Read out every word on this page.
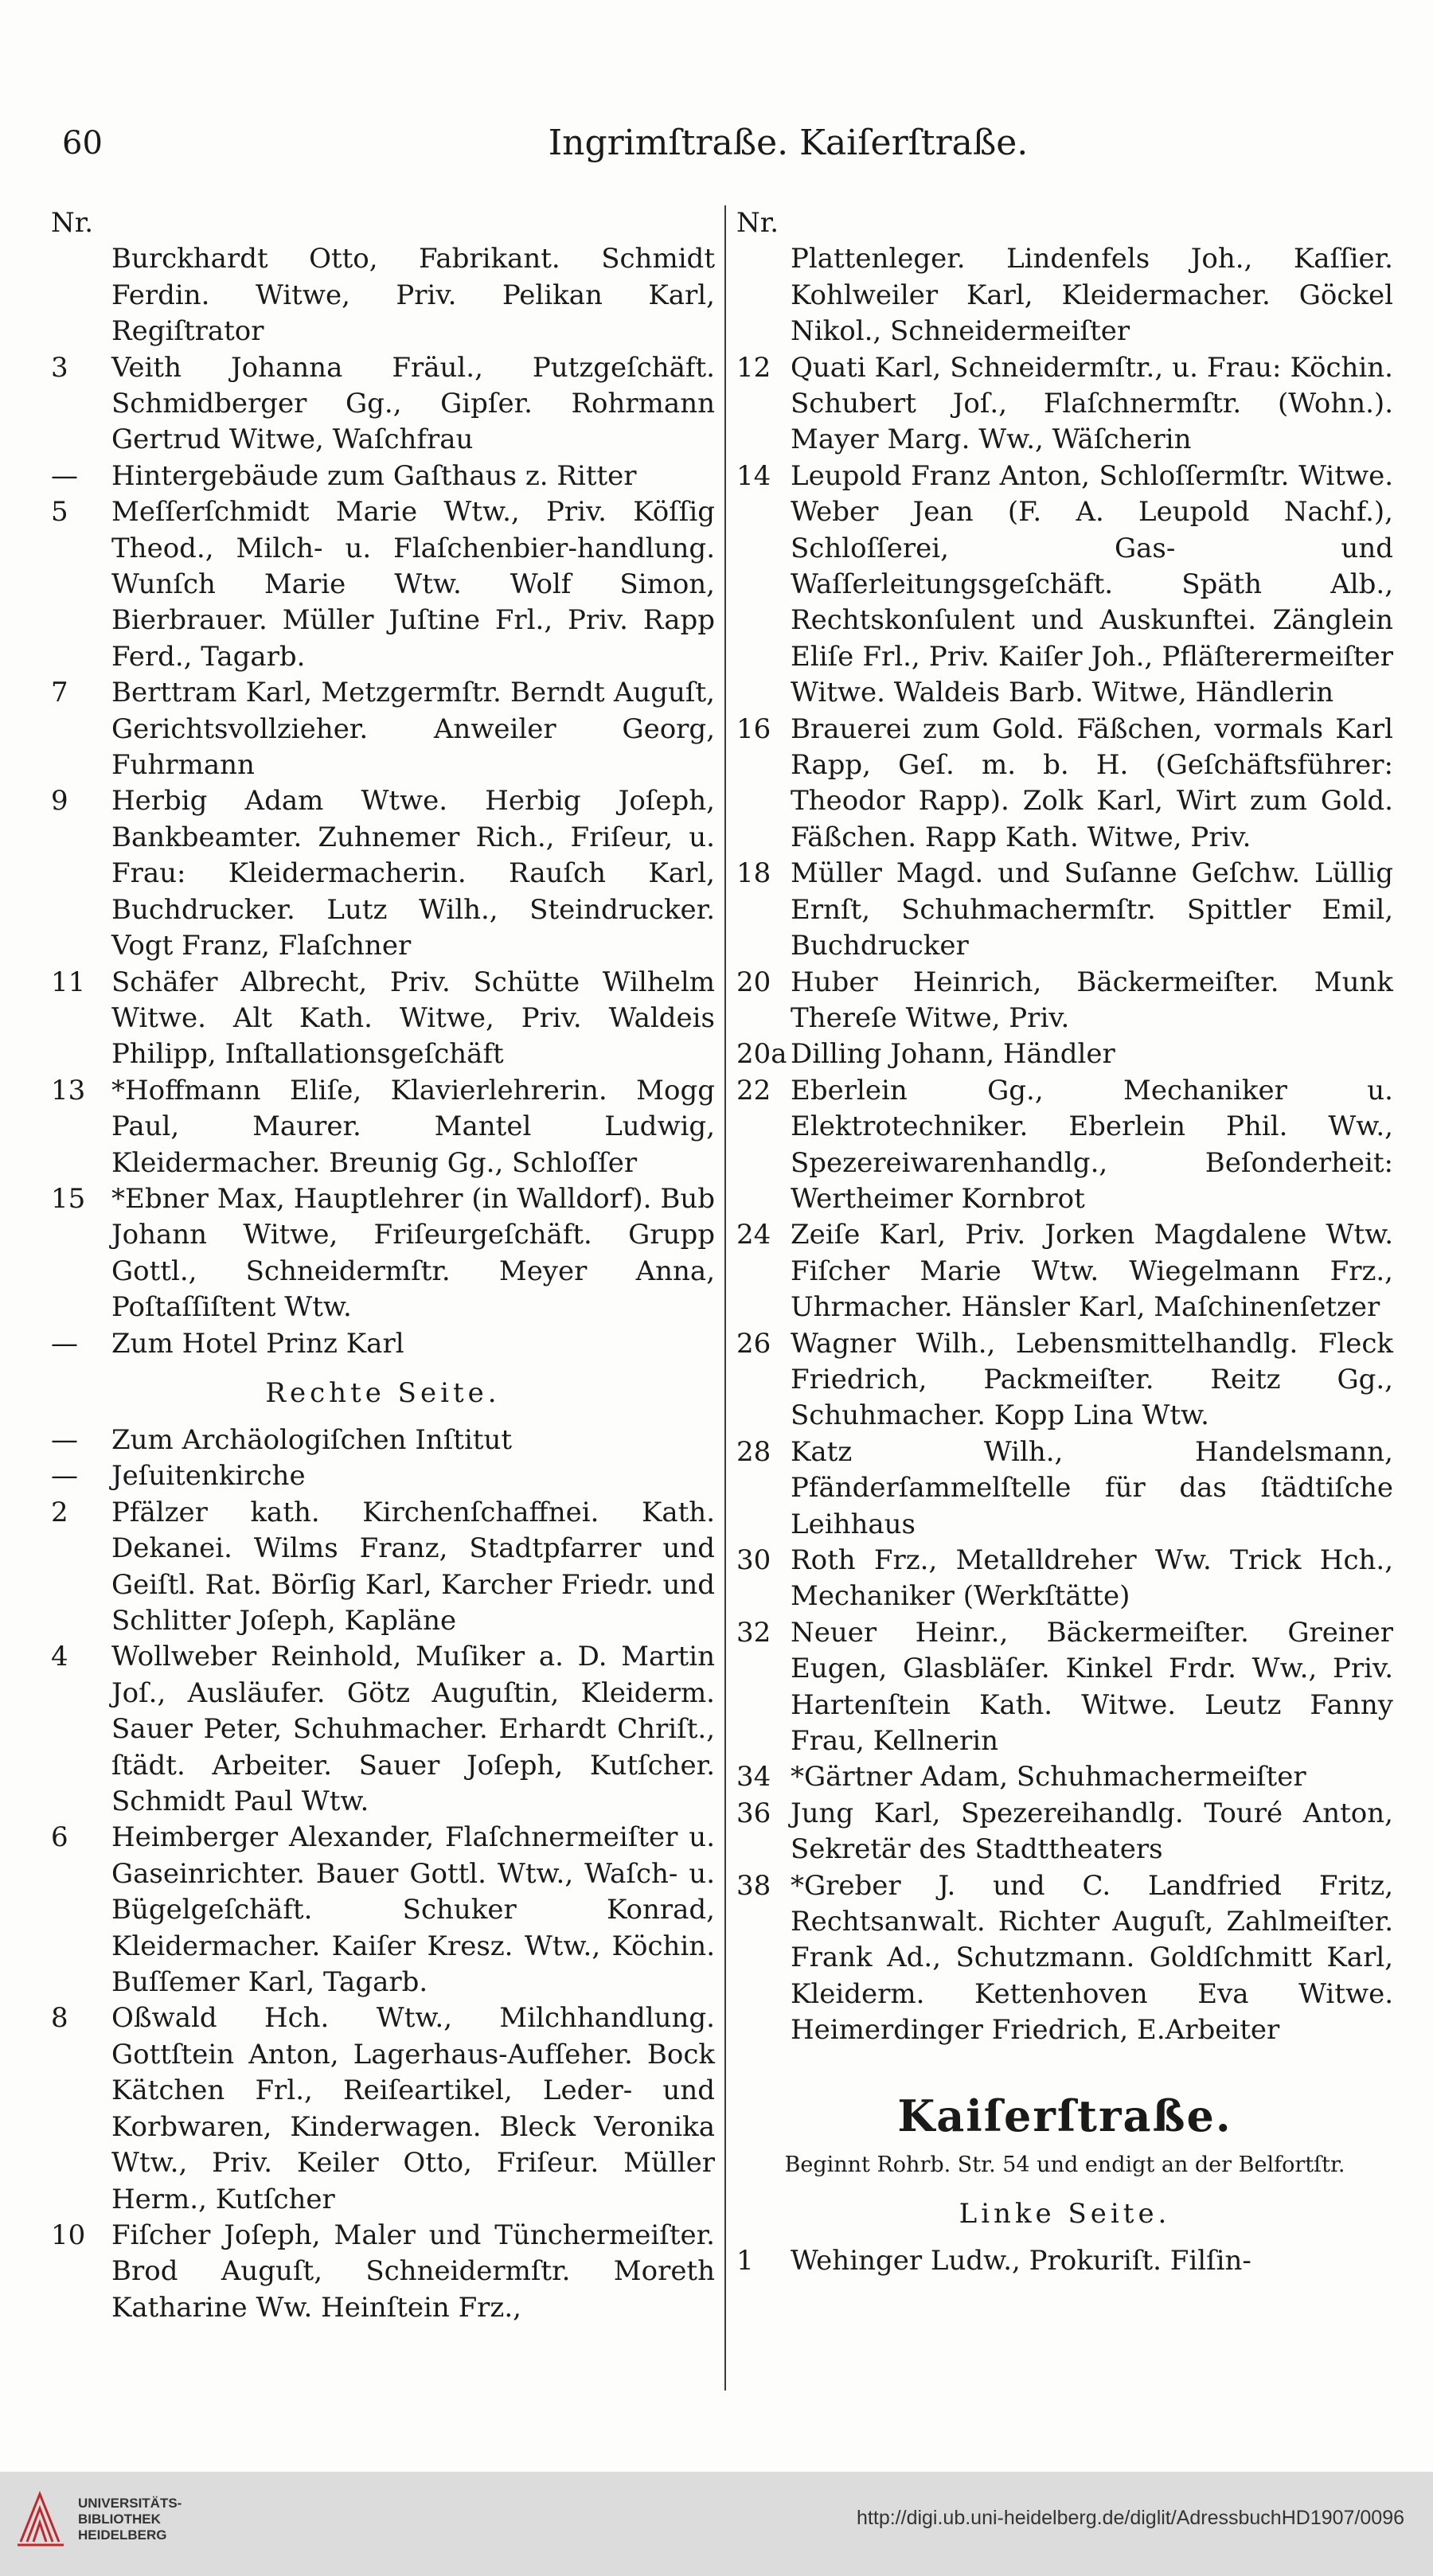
60	Ingrimſtraße. Kaiſerſtraße.
Nr.
Burckhardt Otto, Fabrikant. Schmidt Ferdin. Witwe, Priv. Pelikan Karl, Regiſtrator
3	Veith Johanna Fräul., Putzgeſchäft. Schmidberger Gg., Gipſer. Rohrmann Gertrud Witwe, Waſchfrau
—	Hintergebäude zum Gaſthaus z. Ritter
5	Meſſerſchmidt Marie Wtw., Priv. Köſſig Theod., Milch- u. Flaſchenbier-handlung. Wunſch Marie Wtw. Wolf Simon, Bierbrauer. Müller Juſtine Frl., Priv. Rapp Ferd., Tagarb.
7	Berttram Karl, Metzgermſtr. Berndt Auguſt, Gerichtsvollzieher. Anweiler Georg, Fuhrmann
9	Herbig Adam Wtwe. Herbig Joſeph, Bankbeamter. Zuhnemer Rich., Friſeur, u. Frau: Kleidermacherin. Rauſch Karl, Buchdrucker. Lutz Wilh., Steindrucker. Vogt Franz, Flaſchner
11 Schäfer Albrecht, Priv. Schütte Wilhelm Witwe. Alt Kath. Witwe, Priv. Waldeis Philipp, Inſtallationsgeſchäft
13 *Hoffmann Eliſe, Klavierlehrerin. Mogg Paul, Maurer. Mantel Ludwig, Kleidermacher. Breunig Gg., Schloſſer
15 *Ebner Max, Hauptlehrer (in Walldorf). Bub Johann Witwe, Friſeurgeſchäft. Grupp Gottl., Schneidermſtr. Meyer Anna, Poſtaſſiſtent Wtw.
—	Zum Hotel Prinz Karl
Rechte Seite.
—	Zum Archäologiſchen Inſtitut
—	Jeſuitenkirche
2	Pfälzer kath. Kirchenſchaffnei. Kath. Dekanei. Wilms Franz, Stadtpfarrer und Geiſtl. Rat. Börſig Karl, Karcher Friedr. und Schlitter Joſeph, Kapläne
4	Wollweber Reinhold, Muſiker a. D. Martin Joſ., Ausläufer. Götz Auguſtin, Kleiderm. Sauer Peter, Schuhmacher. Erhardt Chriſt., ſtädt. Arbeiter. Sauer Joſeph, Kutſcher. Schmidt Paul Wtw.
6	Heimberger Alexander, Flaſchnermeiſter u. Gaseinrichter. Bauer Gottl. Wtw., Waſch- u. Bügelgeſchäft. Schuker Konrad, Kleidermacher. Kaiſer Kresz. Wtw., Köchin. Buſſemer Karl, Tagarb.
8	Oßwald Hch. Wtw., Milchhandlung. Gottſtein Anton, Lagerhaus-Aufſeher. Bock Kätchen Frl., Reiſeartikel, Leder- und Korbwaren, Kinderwagen. Bleck Veronika Wtw., Priv. Keiler Otto, Friſeur. Müller Herm., Kutſcher
10 Fiſcher Joſeph, Maler und Tünchermeiſter. Brod Auguſt, Schneidermſtr. Moreth Katharine Ww. Heinſtein Frz.,
Nr.
Plattenleger. Lindenfels Joh., Kaſſier. Kohlweiler Karl, Kleidermacher. Göckel Nikol., Schneidermeiſter
12 Quati Karl, Schneidermſtr., u. Frau: Köchin. Schubert Joſ., Flaſchnermſtr. (Wohn.). Mayer Marg. Ww., Wäſcherin
14 Leupold Franz Anton, Schloſſermſtr. Witwe. Weber Jean (F. A. Leupold Nachf.), Schloſſerei, Gas- und Waſſerleitungsgeſchäft. Späth Alb., Rechtskonſulent und Auskunftei. Zänglein Eliſe Frl., Priv. Kaiſer Joh., Pfläſterermeiſter Witwe. Waldeis Barb. Witwe, Händlerin
16 Brauerei zum Gold. Fäßchen, vormals Karl Rapp, Geſ. m. b. H. (Geſchäftsführer: Theodor Rapp). Zolk Karl, Wirt zum Gold. Fäßchen. Rapp Kath. Witwe, Priv.
18 Müller Magd. und Suſanne Geſchw. Lüllig Ernſt, Schuhmachermſtr. Spittler Emil, Buchdrucker
20 Huber Heinrich, Bäckermeiſter. Munk Thereſe Witwe, Priv.
20a Dilling Johann, Händler
22 Eberlein Gg., Mechaniker u. Elektrotechniker. Eberlein Phil. Ww., Spezereiwarenhandlg., Beſonderheit: Wertheimer Kornbrot
24 Zeiſe Karl, Priv. Jorken Magdalene Wtw. Fiſcher Marie Wtw. Wiegelmann Frz., Uhrmacher. Hänsler Karl, Maſchinenſetzer
26 Wagner Wilh., Lebensmittelhandlg. Fleck Friedrich, Packmeiſter. Reitz Gg., Schuhmacher. Kopp Lina Wtw.
28 Katz Wilh., Handelsmann, Pfänderſammelſtelle für das ſtädtiſche Leihhaus
30 Roth Frz., Metalldreher Ww. Trick Hch., Mechaniker (Werkſtätte)
32 Neuer Heinr., Bäckermeiſter. Greiner Eugen, Glasbläſer. Kinkel Frdr. Ww., Priv. Hartenſtein Kath. Witwe. Leutz Fanny Frau, Kellnerin
34 *Gärtner Adam, Schuhmachermeiſter
36 Jung Karl, Spezereihandlg. Touré Anton, Sekretär des Stadttheaters
38 *Greber J. und C. Landfried Fritz, Rechtsanwalt. Richter Auguſt, Zahlmeiſter. Frank Ad., Schutzmann. Goldſchmitt Karl, Kleiderm. Kettenhoven Eva Witwe. Heimerdinger Friedrich, E.Arbeiter
Kaiſerſtraße.
Beginnt Rohrb. Str. 54 und endigt an der Belfortſtr.
Linke Seite.
1	Wehinger Ludw., Prokuriſt. Filſin-
UNIVERSITÄTS-
BIBLIOTHEK
HEIDELBERG
http://digi.ub.uni-heidelberg.de/diglit/AdressbuchHD1907/0096
